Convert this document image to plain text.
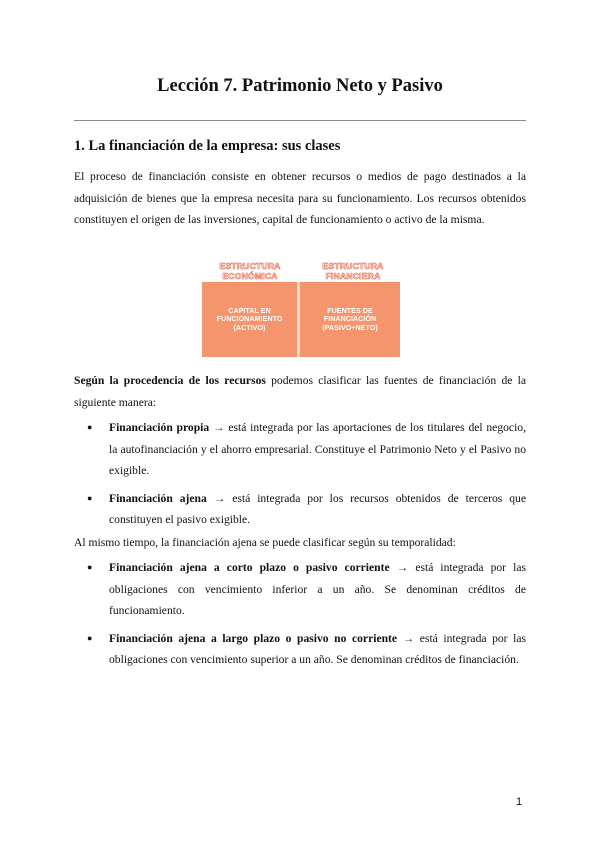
Lección 7. Patrimonio Neto y Pasivo
1. La financiación de la empresa: sus clases
El proceso de financiación consiste en obtener recursos o medios de pago destinados a la adquisición de bienes que la empresa necesita para su funcionamiento. Los recursos obtenidos constituyen el origen de las inversiones, capital de funcionamiento o activo de la misma.
ESTRUCTURA
ECONÓMICA
ESTRUCTURA
FINANCIERA
CAPITAL EN
FUNCIONAMIENTO
(ACTIVO)
FUENTES DE
FINANCIACIÓN
(PASIVO+NETO)
Según la procedencia de los recursos podemos clasificar las fuentes de financiación de la siguiente manera:
● Financiación propia → está integrada por las aportaciones de los titulares del negocio, la autofinanciación y el ahorro empresarial. Constituye el Patrimonio Neto y el Pasivo no exigible.
● Financiación ajena → está integrada por los recursos obtenidos de terceros que constituyen el pasivo exigible.
Al mismo tiempo, la financiación ajena se puede clasificar según su temporalidad:
● Financiación ajena a corto plazo o pasivo corriente → está integrada por las obligaciones con vencimiento inferior a un año. Se denominan créditos de funcionamiento.
● Financiación ajena a largo plazo o pasivo no corriente → está integrada por las obligaciones con vencimiento superior a un año. Se denominan créditos de financiación.
1
